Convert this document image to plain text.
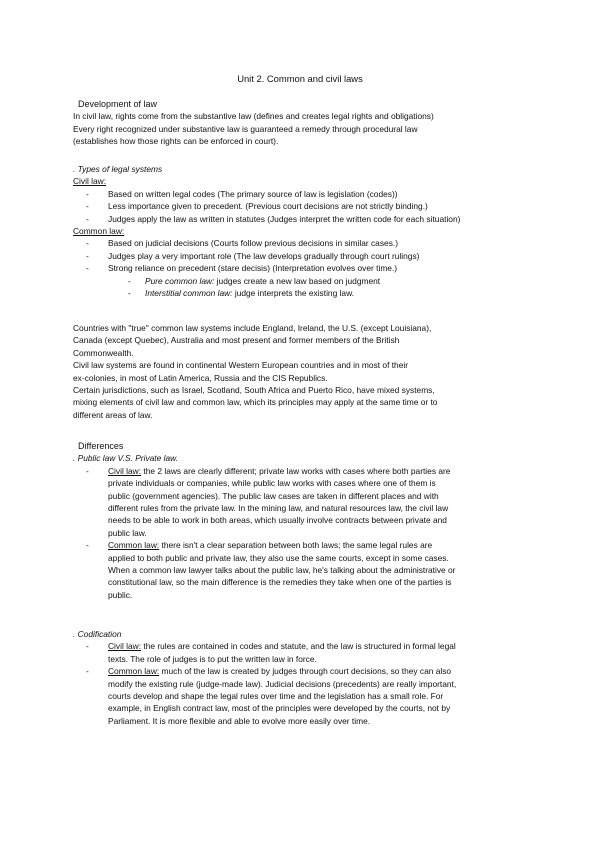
Unit 2. Common and civil laws

Development of law

In civil law, rights come from the substantive law (defines and creates legal rights and obligations)

Every right recognized under substantive law is guaranteed a remedy through procedural law

(establishes how those rights can be enforced in court).

. Types of legal systems

Civil law:

- Based on written legal codes (The primary source of law is legislation (codes))
- Less importance given to precedent. (Previous court decisions are not strictly binding.)
- Judges apply the law as written in statutes (Judges interpret the written code for each situation)

Common law:

- Based on judicial decisions (Courts follow previous decisions in similar cases.)
- Judges play a very important role (The law develops gradually through court rulings)
- Strong reliance on precedent (stare decisis) (Interpretation evolves over time.)
- Pure common law: judges create a new law based on judgment
- Interstitial common law: judge interprets the existing law.

Countries with "true" common law systems include England, Ireland, the U.S. (except Louisiana),

Canada (except Quebec), Australia and most present and former members of the British

Commonwealth.

Civil law systems are found in continental Western European countries and in most of their

ex-colonies, in most of Latin America, Russia and the CIS Republics.

Certain jurisdictions, such as Israel, Scotland, South Africa and Puerto Rico, have mixed systems,

mixing elements of civil law and common law, which its principles may apply at the same time or to

different areas of law.

Differences

. Public law V.S. Private law.

- Civil law: the 2 laws are clearly different; private law works with cases where both parties are

private individuals or companies, while public law works with cases where one of them is

public (government agencies). The public law cases are taken in different places and with

different rules from the private law. In the mining law, and natural resources law, the civil law

needs to be able to work in both areas, which usually involve contracts between private and

public law.

- Common law: there isn't a clear separation between both laws; the same legal rules are

applied to both public and private law, they also use the same courts, except in some cases.

When a common law lawyer talks about the public law, he's talking about the administrative or

constitutional law, so the main difference is the remedies they take when one of the parties is

public.

. Codification

- Civil law: the rules are contained in codes and statute, and the law is structured in formal legal

texts. The role of judges is to put the written law in force.

- Common law: much of the law is created by judges through court decisions, so they can also

modify the existing rule (judge-made law). Judicial decisions (precedents) are really important,

courts develop and shape the legal rules over time and the legislation has a small role. For

example, in English contract law, most of the principles were developed by the courts, not by

Parliament. It is more flexible and able to evolve more easily over time.
